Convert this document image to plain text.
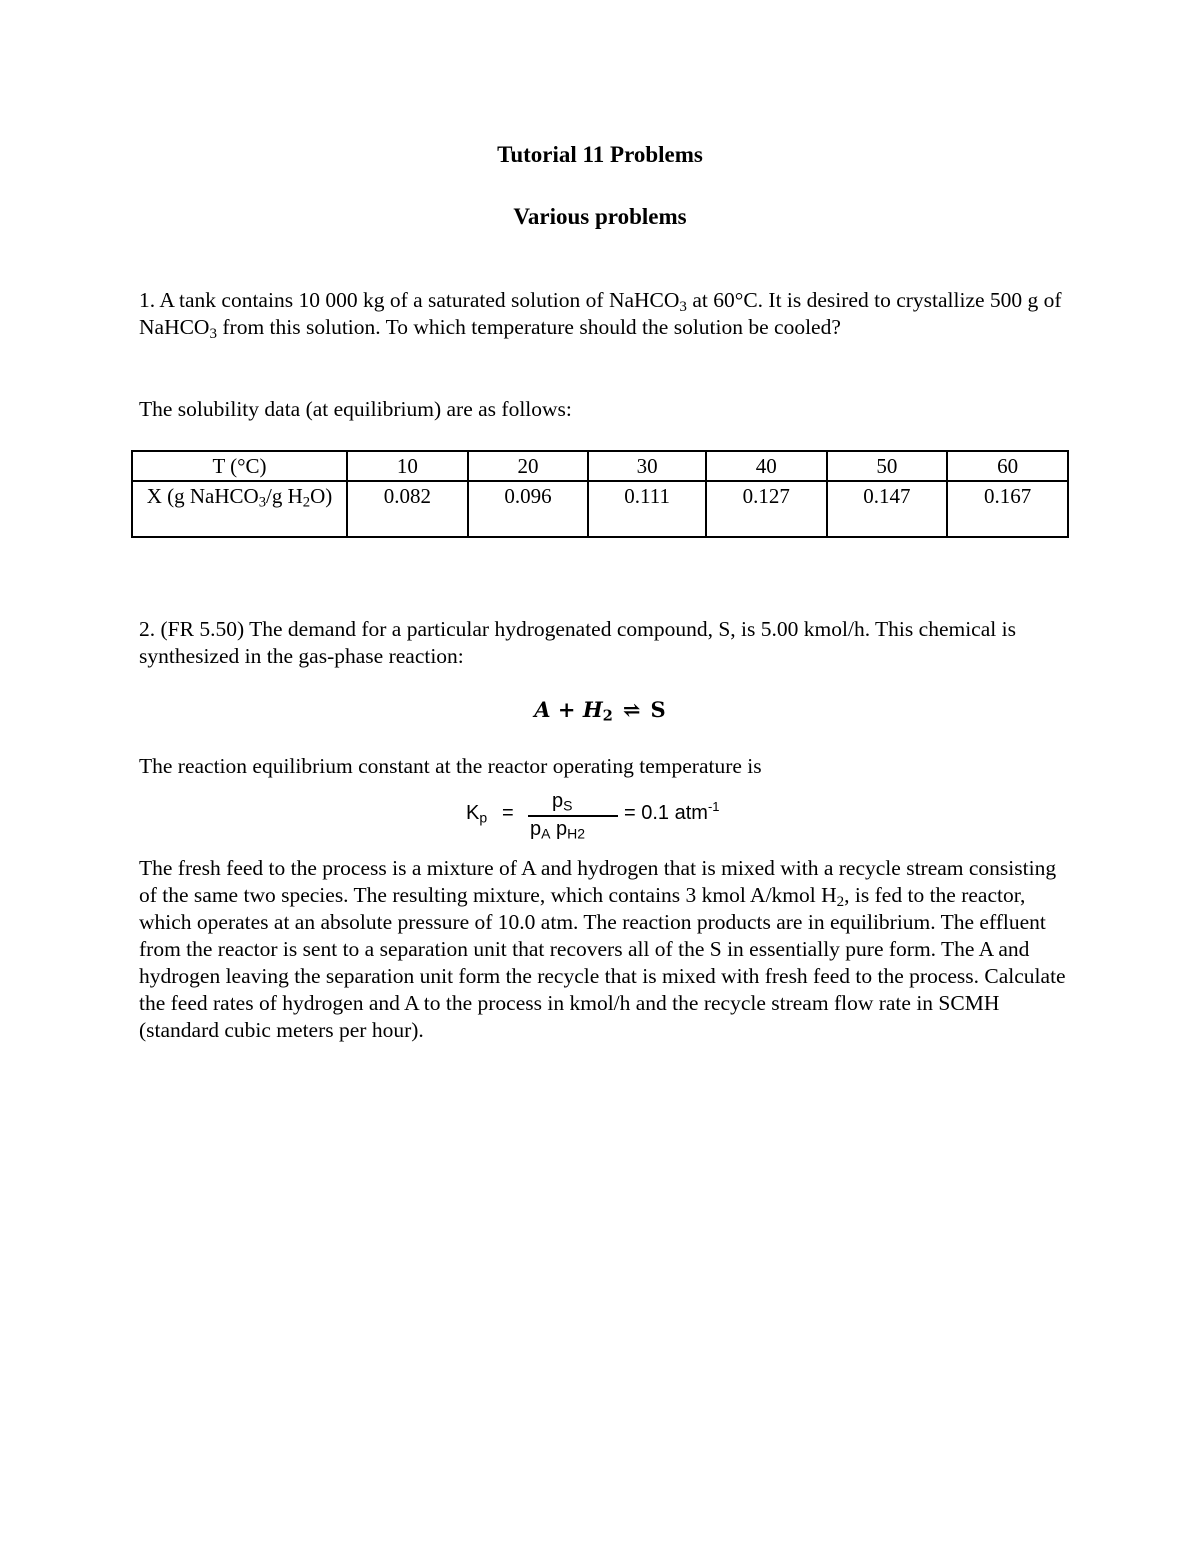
Tutorial 11 Problems
Various problems
1. A tank contains 10 000 kg of a saturated solution of NaHCO$_3$ at 60°C. It is desired to crystallize 500 g of NaHCO$_3$ from this solution. To which temperature should the solution be cooled?
The solubility data (at equilibrium) are as follows:
T (°C)	10	20	30	40	50	60
X (g NaHCO$_3$/g $H_2O$)	0.082	0.096	0.111	0.127	0.147	0.167
2. (FR 5.50) The demand for a particular hydrogenated compound, S, is 5.00 kmol/h. This chemical is synthesized in the gas-phase reaction:
$A + H_2$ ⇌ S
The reaction equilibrium constant at the reactor operating temperature is
$K_p$ =
$p_S$
$p_A$ $p_{H2}$
= 0.1 atm$^{-1}$
The fresh feed to the process is a mixture of A and hydrogen that is mixed with a recycle stream consisting of the same two species. The resulting mixture, which contains 3 kmol A/kmol $H_2$, is fed to the reactor, which operates at an absolute pressure of 10.0 atm. The reaction products are in equilibrium. The effluent from the reactor is sent to a separation unit that recovers all of the S in essentially pure form. The A and hydrogen leaving the separation unit form the recycle that is mixed with fresh feed to the process. Calculate the feed rates of hydrogen and A to the process in kmol/h and the recycle stream flow rate in SCMH (standard cubic meters per hour).
